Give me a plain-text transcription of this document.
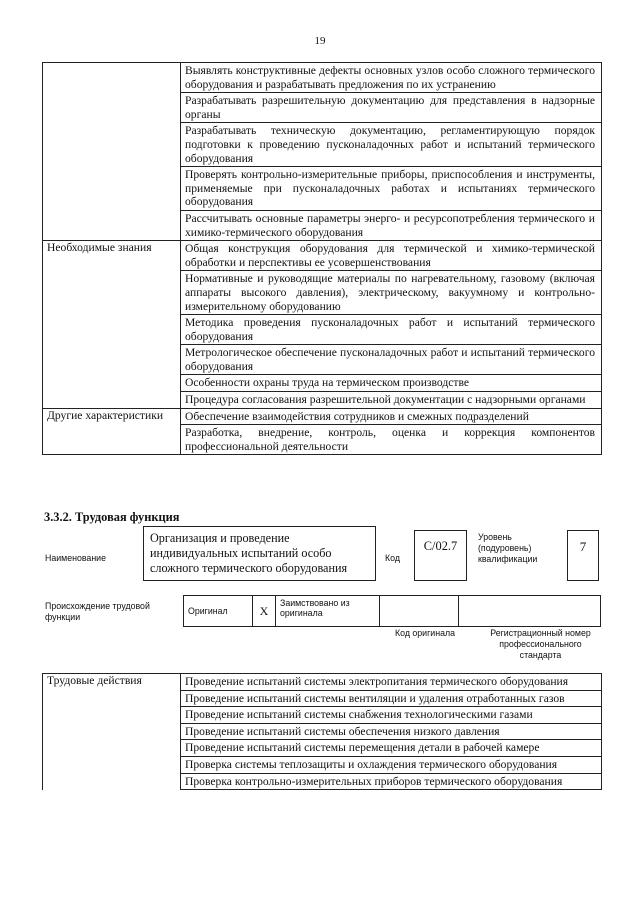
19
	Выявлять конструктивные дефекты основных узлов особо сложного термического оборудования и разрабатывать предложения по их устранению
	Разрабатывать разрешительную документацию для представления в надзорные органы
	Разрабатывать техническую документацию, регламентирующую порядок подготовки к проведению пусконаладочных работ и испытаний термического оборудования
	Проверять контрольно-измерительные приборы, приспособления и инструменты, применяемые при пусконаладочных работах и испытаниях термического оборудования
	Рассчитывать основные параметры энерго- и ресурсопотребления термического и химико-термического оборудования
Необходимые знания	Общая конструкция оборудования для термической и химико-термической обработки и перспективы ее усовершенствования
	Нормативные и руководящие материалы по нагревательному, газовому (включая аппараты высокого давления), электрическому, вакуумному и контрольно-измерительному оборудованию
	Методика проведения пусконаладочных работ и испытаний термического оборудования
	Метрологическое обеспечение пусконаладочных работ и испытаний термического оборудования
	Особенности охраны труда на термическом производстве
	Процедура согласования разрешительной документации с надзорными органами
Другие характеристики	Обеспечение взаимодействия сотрудников и смежных подразделений
	Разработка, внедрение, контроль, оценка и коррекция компонентов профессиональной деятельности
3.3.2. Трудовая функция
Наименование
Организация и проведение индивидуальных испытаний особо сложного термического оборудования
Код
С/02.7
Уровень (подуровень) квалификации
7
Происхождение трудовой функции
Оригинал	X	Заимствовано из оригинала		
Код оригинала	Регистрационный номер профессионального стандарта
Трудовые действия	Проведение испытаний системы электропитания термического оборудования
Проведение испытаний системы вентиляции и удаления отработанных газов
Проведение испытаний системы снабжения технологическими газами
Проведение испытаний системы обеспечения низкого давления
Проведение испытаний системы перемещения детали в рабочей камере
Проверка системы теплозащиты и охлаждения термического оборудования
Проверка контрольно-измерительных приборов термического оборудования
